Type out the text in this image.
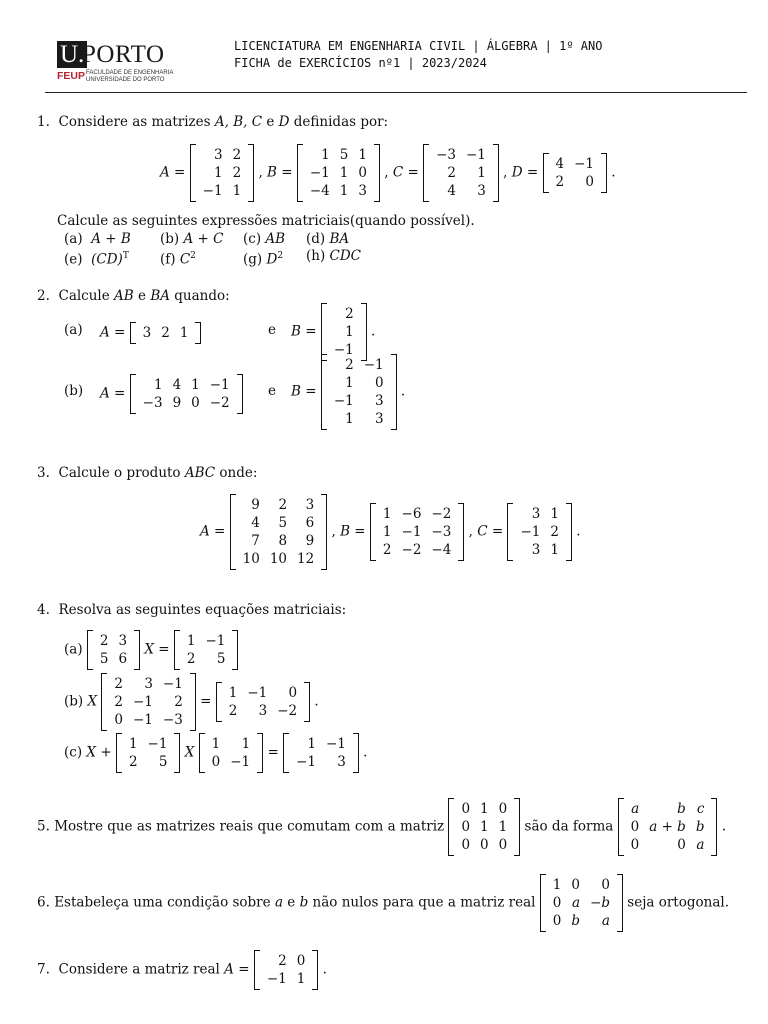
U.
PORTO
FEUP FACULDADE DE ENGENHARIA
UNIVERSIDADE DO PORTO
LICENCIATURA EM ENGENHARIA CIVIL | ÁLGEBRA | 1º ANO
FICHA de EXERCÍCIOS nº1 | 2023/2024
1. Considere as matrizes A, B, C e D definidas por:
A =
3	2
1	2
−1	1
, B =
1	5	1
−1	1	0
−4	1	3
, C =
−3	−1
2	1
4	3
, D =
4	−1
2	0
.
Calcule as seguintes expressões matriciais(quando possível).
(a) A + B (b) A + C (c) AB (d) BA
(e) (CD)$^T$ (f) $C^2$	(g) $D^2$ (h) CDC
2. Calcule AB e BA quando:
(a) A = 3	2	1	e B =
2
1
−1
.
(b) A =
1	4	1	−1
−3	9	0	−2
e B =
2	−1
1	0
−1	3
1	3
.
3. Calcule o produto ABC onde:
A =
9	2	3
4	5	6
7	8	9
10	10	12
, B =
1	−6	−2
1	−1	−3
2	−2	−4
, C =
3	1
−1	2
3	1
.
4. Resolva as seguintes equações matriciais:
(a)
2	3
5	6
X =
1	−1
2	5
(b) X
2	3	−1
2	−1	2
0	−1	−3
=
1	−1	0
2	3	−2
.
(c) X +
1	−1
2	5
X
1	1
0	−1
=
1	−1
−1	3
.
5. Mostre que as matrizes reais que comutam com a matriz
0	1	0
0	1	1
0	0	0
são da forma
a	b	c
0	a + b	b
0	0	a
.
6. Estabeleça uma condição sobre a e b não nulos para que a matriz real
1	0	0
0	a	−b
0	b	a
seja ortogonal.
7. Considere a matriz real A =
2	0
−1	1
.
